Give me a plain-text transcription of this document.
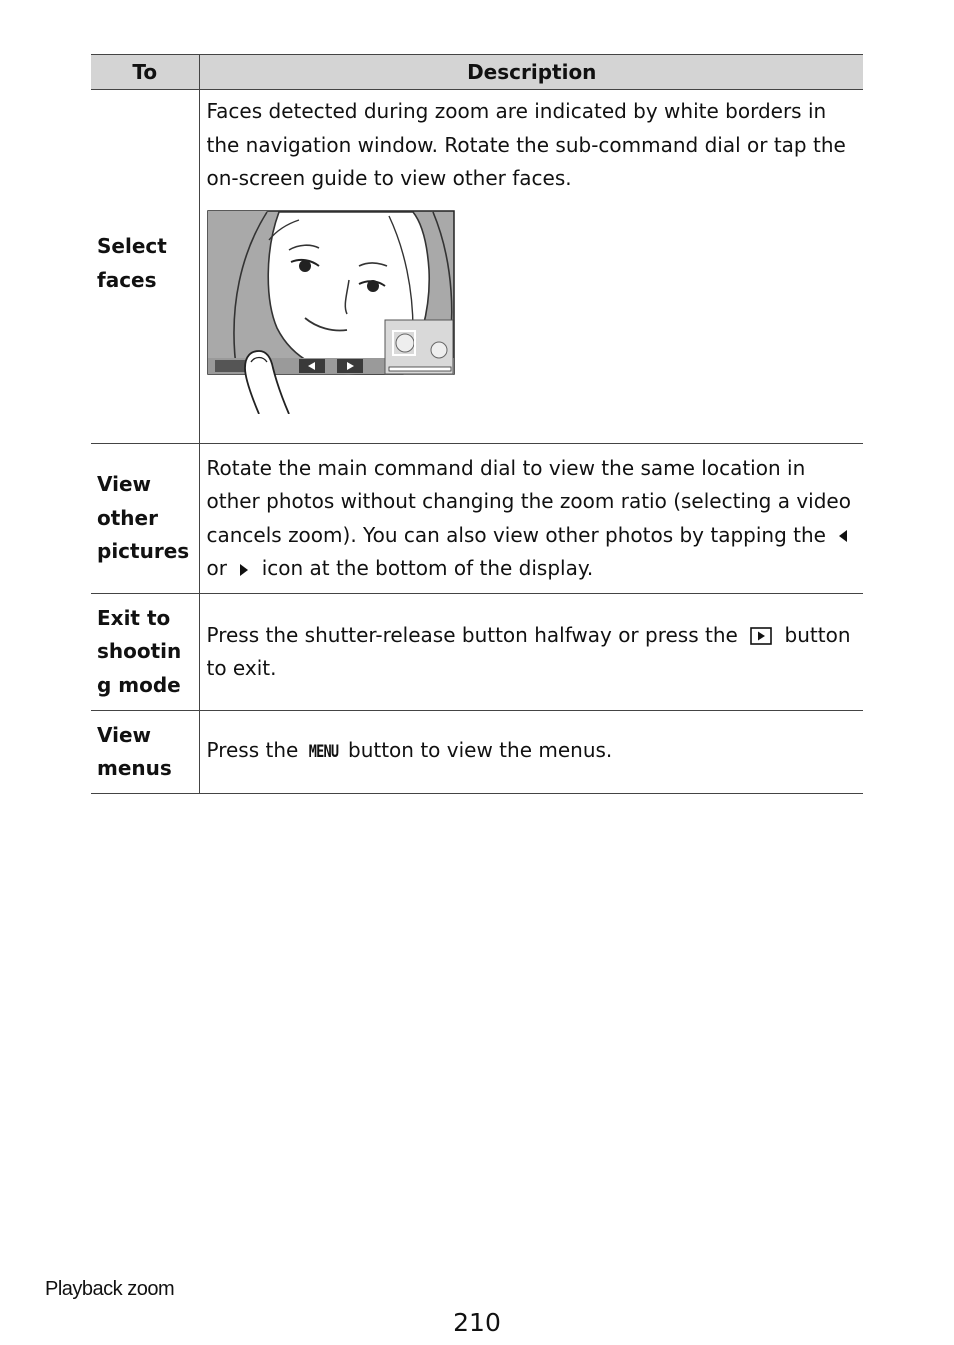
To	Description
Select faces	Faces detected during zoom are indicated by white borders in the navigation window. Rotate the sub-command dial or tap the on-screen guide to view other faces.

View other pictures	Rotate the main command dial to view the same location in other photos without changing the zoom ratio (selecting a video cancels zoom). You can also view other photos by tapping the  or icon at the bottom of the display.
Exit to shootin g mode	Press the shutter-release button halfway or press the button to exit.
View menus	Press the MENU button to view the menus.
Playback zoom
210
